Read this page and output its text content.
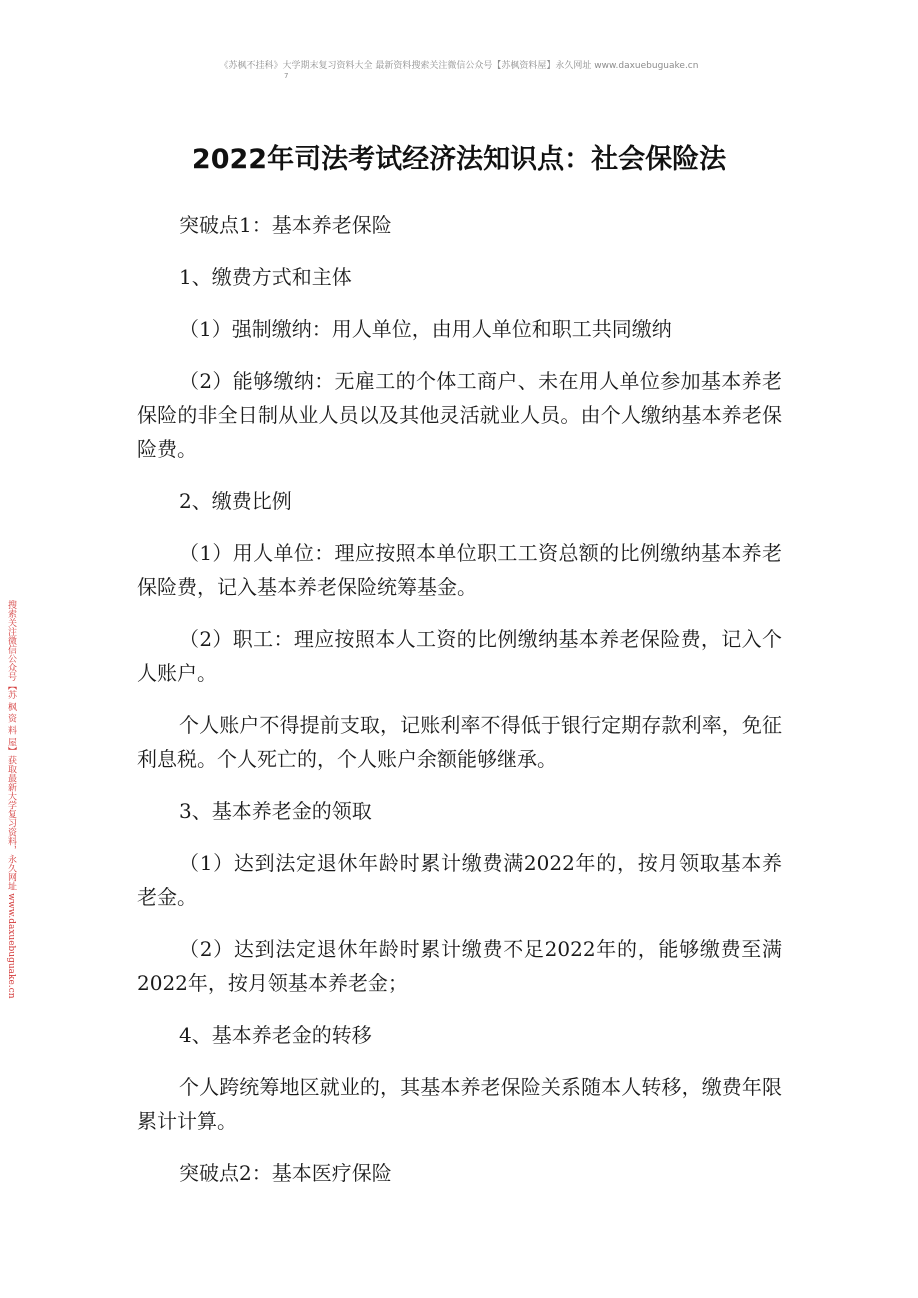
《苏枫不挂科》大学期末复习资料大全 最新资料搜索关注微信公众号【苏枫资料屋】永久网址 www.daxuebuguake.cn
7
搜索关注微信公众号【苏 枫 资 料 屋】获取最新大学复习资料，永久网址 www.daxuebuguake.cn
2022年司法考试经济法知识点：社会保险法

突破点1：基本养老保险

1、缴费方式和主体

（1）强制缴纳：用人单位，由用人单位和职工共同缴纳

（2）能够缴纳：无雇工的个体工商户、未在用人单位参加基本养老保险的非全日制从业人员以及其他灵活就业人员。由个人缴纳基本养老保险费。

2、缴费比例

（1）用人单位：理应按照本单位职工工资总额的比例缴纳基本养老保险费，记入基本养老保险统筹基金。

（2）职工：理应按照本人工资的比例缴纳基本养老保险费，记入个人账户。

个人账户不得提前支取，记账利率不得低于银行定期存款利率，免征利息税。个人死亡的，个人账户余额能够继承。

3、基本养老金的领取

（1）达到法定退休年龄时累计缴费满2022年的，按月领取基本养老金。

（2）达到法定退休年龄时累计缴费不足2022年的，能够缴费至满2022年，按月领基本养老金；

4、基本养老金的转移

个人跨统筹地区就业的，其基本养老保险关系随本人转移，缴费年限累计计算。

突破点2：基本医疗保险
